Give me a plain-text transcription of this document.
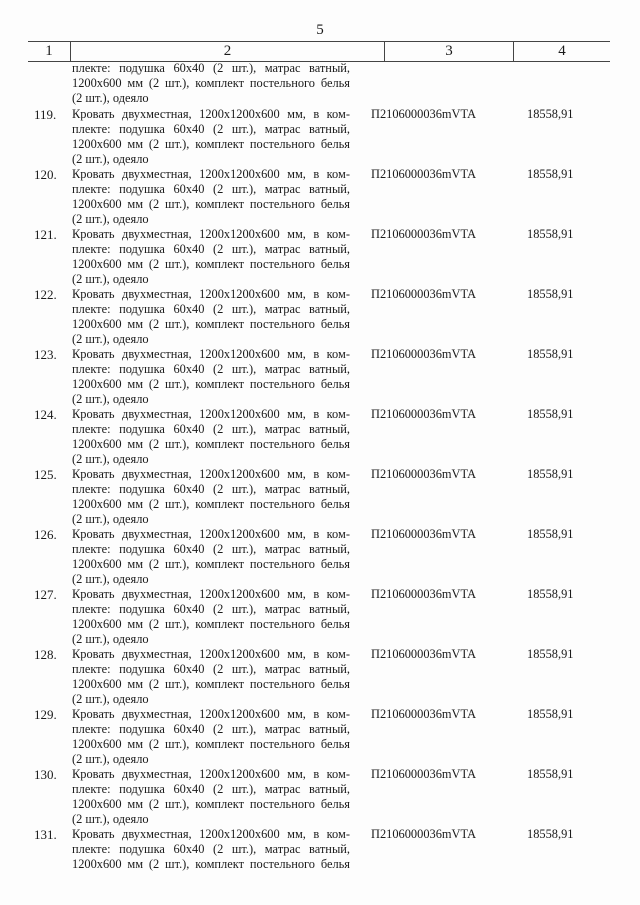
5
1	2	3	4
плекте: подушка 60х40 (2 шт.), матрас ватный,
1200х600 мм (2 шт.), комплект постельного белья
(2 шт.), одеяло
119.	Кровать двухместная, 1200х1200х600 мм, в ком-
плекте: подушка 60х40 (2 шт.), матрас ватный,
1200х600 мм (2 шт.), комплект постельного белья
(2 шт.), одеяло
П2106000036mVTA	18558,91
120.	Кровать двухместная, 1200х1200х600 мм, в ком-
плекте: подушка 60х40 (2 шт.), матрас ватный,
1200х600 мм (2 шт.), комплект постельного белья
(2 шт.), одеяло
П2106000036mVTA	18558,91
121.	Кровать двухместная, 1200х1200х600 мм, в ком-
плекте: подушка 60х40 (2 шт.), матрас ватный,
1200х600 мм (2 шт.), комплект постельного белья
(2 шт.), одеяло
П2106000036mVTA	18558,91
122.	Кровать двухместная, 1200х1200х600 мм, в ком-
плекте: подушка 60х40 (2 шт.), матрас ватный,
1200х600 мм (2 шт.), комплект постельного белья
(2 шт.), одеяло
П2106000036mVTA	18558,91
123.	Кровать двухместная, 1200х1200х600 мм, в ком-
плекте: подушка 60х40 (2 шт.), матрас ватный,
1200х600 мм (2 шт.), комплект постельного белья
(2 шт.), одеяло
П2106000036mVTA	18558,91
124.	Кровать двухместная, 1200х1200х600 мм, в ком-
плекте: подушка 60х40 (2 шт.), матрас ватный,
1200х600 мм (2 шт.), комплект постельного белья
(2 шт.), одеяло
П2106000036mVTA	18558,91
125.	Кровать двухместная, 1200х1200х600 мм, в ком-
плекте: подушка 60х40 (2 шт.), матрас ватный,
1200х600 мм (2 шт.), комплект постельного белья
(2 шт.), одеяло
П2106000036mVTA	18558,91
126.	Кровать двухместная, 1200х1200х600 мм, в ком-
плекте: подушка 60х40 (2 шт.), матрас ватный,
1200х600 мм (2 шт.), комплект постельного белья
(2 шт.), одеяло
П2106000036mVTA	18558,91
127.	Кровать двухместная, 1200х1200х600 мм, в ком-
плекте: подушка 60х40 (2 шт.), матрас ватный,
1200х600 мм (2 шт.), комплект постельного белья
(2 шт.), одеяло
П2106000036mVTA	18558,91
128.	Кровать двухместная, 1200х1200х600 мм, в ком-
плекте: подушка 60х40 (2 шт.), матрас ватный,
1200х600 мм (2 шт.), комплект постельного белья
(2 шт.), одеяло
П2106000036mVTA	18558,91
129.	Кровать двухместная, 1200х1200х600 мм, в ком-
плекте: подушка 60х40 (2 шт.), матрас ватный,
1200х600 мм (2 шт.), комплект постельного белья
(2 шт.), одеяло
П2106000036mVTA	18558,91
130.	Кровать двухместная, 1200х1200х600 мм, в ком-
плекте: подушка 60х40 (2 шт.), матрас ватный,
1200х600 мм (2 шт.), комплект постельного белья
(2 шт.), одеяло
П2106000036mVTA	18558,91
131.	Кровать двухместная, 1200х1200х600 мм, в ком-
плекте: подушка 60х40 (2 шт.), матрас ватный,
1200х600 мм (2 шт.), комплект постельного белья
П2106000036mVTA	18558,91
